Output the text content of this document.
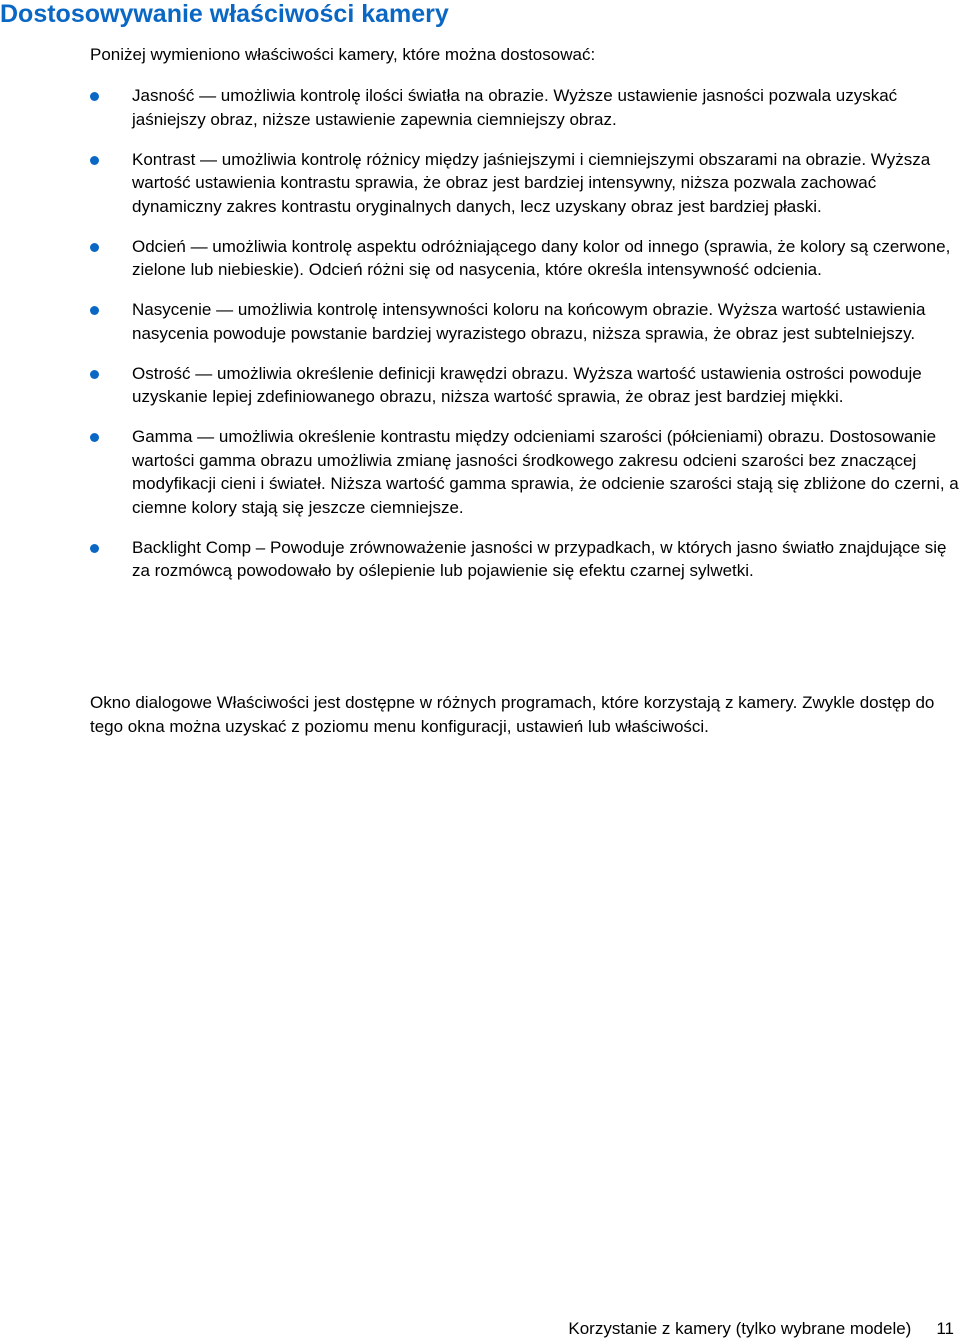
Dostosowywanie właściwości kamery

Poniżej wymieniono właściwości kamery, które można dostosować:

Jasność — umożliwia kontrolę ilości światła na obrazie. Wyższe ustawienie jasności pozwala uzyskać jaśniejszy obraz, niższe ustawienie zapewnia ciemniejszy obraz.
Kontrast — umożliwia kontrolę różnicy między jaśniejszymi i ciemniejszymi obszarami na obrazie. Wyższa wartość ustawienia kontrastu sprawia, że obraz jest bardziej intensywny, niższa pozwala zachować dynamiczny zakres kontrastu oryginalnych danych, lecz uzyskany obraz jest bardziej płaski.
Odcień — umożliwia kontrolę aspektu odróżniającego dany kolor od innego (sprawia, że kolory są czerwone, zielone lub niebieskie). Odcień różni się od nasycenia, które określa intensywność odcienia.
Nasycenie — umożliwia kontrolę intensywności koloru na końcowym obrazie. Wyższa wartość ustawienia nasycenia powoduje powstanie bardziej wyrazistego obrazu, niższa sprawia, że obraz jest subtelniejszy.
Ostrość — umożliwia określenie definicji krawędzi obrazu. Wyższa wartość ustawienia ostrości powoduje uzyskanie lepiej zdefiniowanego obrazu, niższa wartość sprawia, że obraz jest bardziej miękki.
Gamma — umożliwia określenie kontrastu między odcieniami szarości (półcieniami) obrazu. Dostosowanie wartości gamma obrazu umożliwia zmianę jasności środkowego zakresu odcieni szarości bez znaczącej modyfikacji cieni i świateł. Niższa wartość gamma sprawia, że odcienie szarości stają się zbliżone do czerni, a ciemne kolory stają się jeszcze ciemniejsze.
Backlight Comp – Powoduje zrównoważenie jasności w przypadkach, w których jasno światło znajdujące się za rozmówcą powodowało by oślepienie lub pojawienie się efektu czarnej sylwetki.

Okno dialogowe Właściwości jest dostępne w różnych programach, które korzystają z kamery. Zwykle dostęp do tego okna można uzyskać z poziomu menu konfiguracji, ustawień lub właściwości.

Korzystanie z kamery (tylko wybrane modele) 11
